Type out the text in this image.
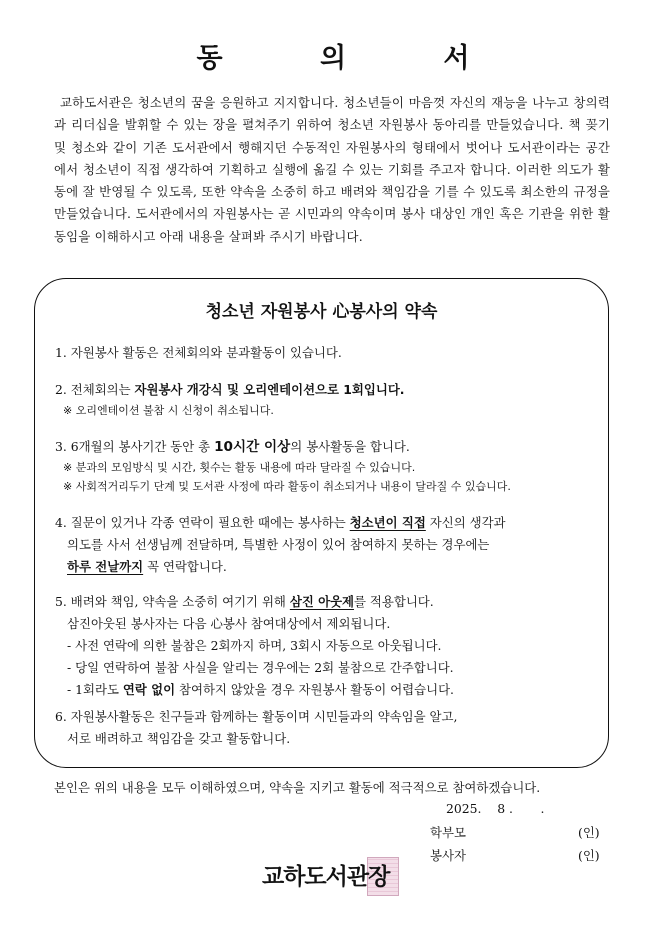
동 의 서
교하도서관은 청소년의 꿈을 응원하고 지지합니다. 청소년들이 마음껏 자신의 재능을 나누고 창의력과 리더십을 발휘할 수 있는 장을 펼쳐주기 위하여 청소년 자원봉사 동아리를 만들었습니다. 책 꽂기 및 청소와 같이 기존 도서관에서 행해지던 수동적인 자원봉사의 형태에서 벗어나 도서관이라는 공간에서 청소년이 직접 생각하여 기획하고 실행에 옮길 수 있는 기회를 주고자 합니다. 이러한 의도가 활동에 잘 반영될 수 있도록, 또한 약속을 소중히 하고 배려와 책임감을 기를 수 있도록 최소한의 규정을 만들었습니다. 도서관에서의 자원봉사는 곧 시민과의 약속이며 봉사 대상인 개인 혹은 기관을 위한 활동임을 이해하시고 아래 내용을 살펴봐 주시기 바랍니다.
청소년 자원봉사 心봉사의 약속
1. 자원봉사 활동은 전체회의와 분과활동이 있습니다.
2. 전체회의는 자원봉사 개강식 및 오리엔테이션으로 1회입니다.
※ 오리엔테이션 불참 시 신청이 취소됩니다.
3. 6개월의 봉사기간 동안 총 10시간 이상의 봉사활동을 합니다.
※ 분과의 모임방식 및 시간, 횟수는 활동 내용에 따라 달라질 수 있습니다.
※ 사회적거리두기 단계 및 도서관 사정에 따라 활동이 취소되거나 내용이 달라질 수 있습니다.
4. 질문이 있거나 각종 연락이 필요한 때에는 봉사하는 청소년이 직접 자신의 생각과
의도를 사서 선생님께 전달하며, 특별한 사정이 있어 참여하지 못하는 경우에는
하루 전날까지 꼭 연락합니다.
5. 배려와 책임, 약속을 소중히 여기기 위해 삼진 아웃제를 적용합니다.
삼진아웃된 봉사자는 다음 心봉사 참여대상에서 제외됩니다.
- 사전 연락에 의한 불참은 2회까지 하며, 3회시 자동으로 아웃됩니다.
- 당일 연락하여 불참 사실을 알리는 경우에는 2회 불참으로 간주합니다.
- 1회라도 연락 없이 참여하지 않았을 경우 자원봉사 활동이 어렵습니다.
6. 자원봉사활동은 친구들과 함께하는 활동이며 시민들과의 약속임을 알고,
서로 배려하고 책임감을 갖고 활동합니다.
본인은 위의 내용을 모두 이해하였으며, 약속을 지키고 활동에 적극적으로 참여하겠습니다.
2025.    8 .       .
학부모	(인)
봉사자	(인)
교하도서관장
